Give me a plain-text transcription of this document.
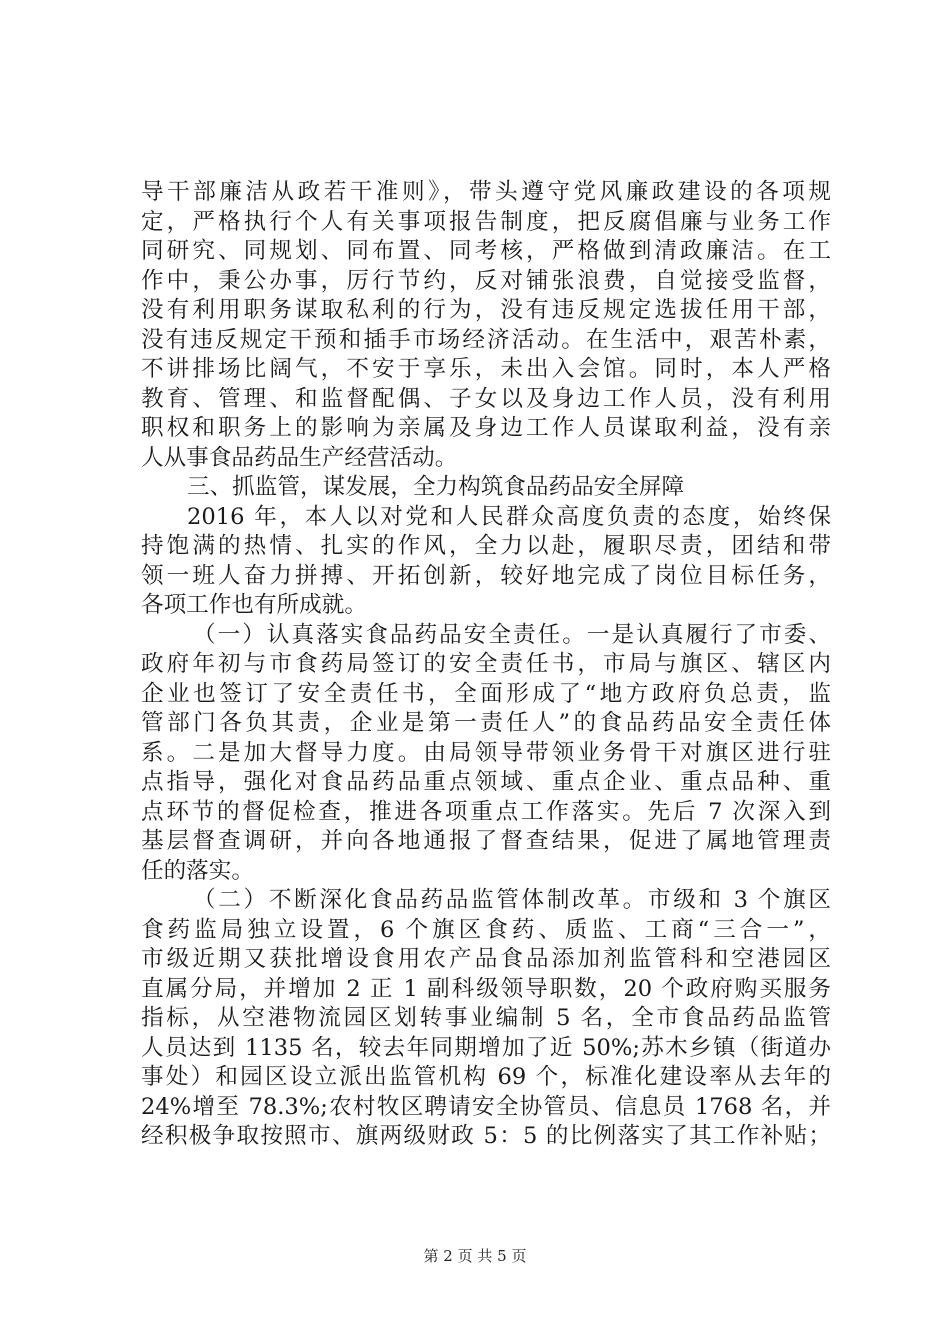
导干部廉洁从政若干准则》，带头遵守党风廉政建设的各项规
定，严格执行个人有关事项报告制度，把反腐倡廉与业务工作
同研究、同规划、同布置、同考核，严格做到清政廉洁。在工
作中，秉公办事，厉行节约，反对铺张浪费，自觉接受监督，
没有利用职务谋取私利的行为，没有违反规定选拔任用干部，
没有违反规定干预和插手市场经济活动。在生活中，艰苦朴素，
不讲排场比阔气，不安于享乐，未出入会馆。同时，本人严格
教育、管理、和监督配偶、子女以及身边工作人员，没有利用
职权和职务上的影响为亲属及身边工作人员谋取利益，没有亲
人从事食品药品生产经营活动。
三、抓监管，谋发展，全力构筑食品药品安全屏障
2016 年，本人以对党和人民群众高度负责的态度，始终保
持饱满的热情、扎实的作风，全力以赴，履职尽责，团结和带
领一班人奋力拼搏、开拓创新，较好地完成了岗位目标任务，
各项工作也有所成就。
（一）认真落实食品药品安全责任。一是认真履行了市委、
政府年初与市食药局签订的安全责任书，市局与旗区、辖区内
企业也签订了安全责任书，全面形成了“地方政府负总责，监
管部门各负其责，企业是第一责任人”的食品药品安全责任体
系。二是加大督导力度。由局领导带领业务骨干对旗区进行驻
点指导，强化对食品药品重点领域、重点企业、重点品种、重
点环节的督促检查，推进各项重点工作落实。先后 7 次深入到
基层督查调研，并向各地通报了督查结果，促进了属地管理责
任的落实。
（二）不断深化食品药品监管体制改革。市级和 3 个旗区
食药监局独立设置，6 个旗区食药、质监、工商“三合一”，
市级近期又获批增设食用农产品食品添加剂监管科和空港园区
直属分局，并增加 2 正 1 副科级领导职数，20 个政府购买服务
指标，从空港物流园区划转事业编制 5 名，全市食品药品监管
人员达到 1135 名，较去年同期增加了近 50%;苏木乡镇（街道办
事处）和园区设立派出监管机构 69 个，标准化建设率从去年的
24%增至 78.3%;农村牧区聘请安全协管员、信息员 1768 名，并
经积极争取按照市、旗两级财政 5：5 的比例落实了其工作补贴；
第 2 页 共 5 页
